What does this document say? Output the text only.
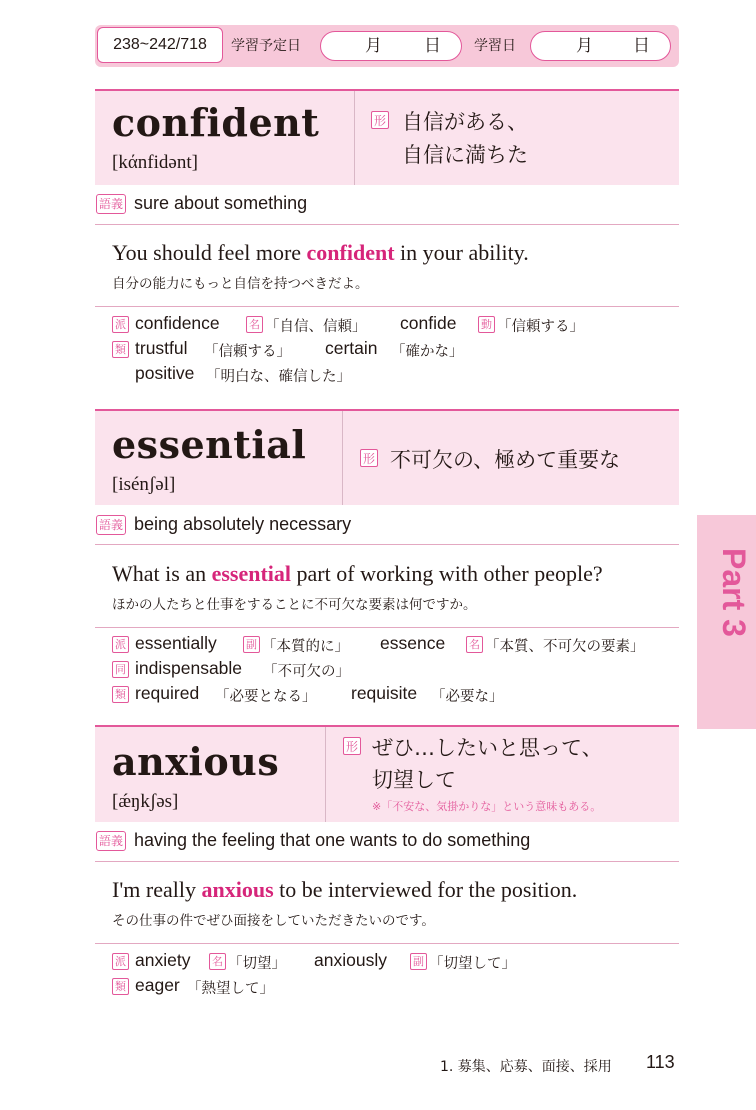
238~242/718	学習予定日	月 日 学習日	月 日
confident
[kάnfidənt]
形 自信がある、
自信に満ちた
語義 sure about something
You should feel more confident in your ability.
自分の能力にもっと自信を持つべきだよ。
派 confidence	名 「自信、信頼」 confide 動 「信頼する」
類 trustful 「信頼する」 certain 「確かな」
positive 「明白な、確信した」
essential
[isénʃəl]
形 不可欠の、極めて重要な
語義 being absolutely necessary
What is an essential part of working with other people?
ほかの人たちと仕事をすることに不可欠な要素は何ですか。
派 essentially	副 「本質的に」 essence 名 「本質、不可欠の要素」
同 indispensable 「不可欠の」
類 required 「必要となる」 requisite 「必要な」
anxious
[ǽŋkʃəs]
形 ぜひ…したいと思って、
切望して
※「不安な、気掛かりな」という意味もある。
語義 having the feeling that one wants to do something
I'm really anxious to be interviewed for the position.
その仕事の件でぜひ面接をしていただきたいのです。
派 anxiety 名 「切望」 anxiously 副 「切望して」
類 eager 「熱望して」
Part 3
1. 募集、応募、面接、採用 113
